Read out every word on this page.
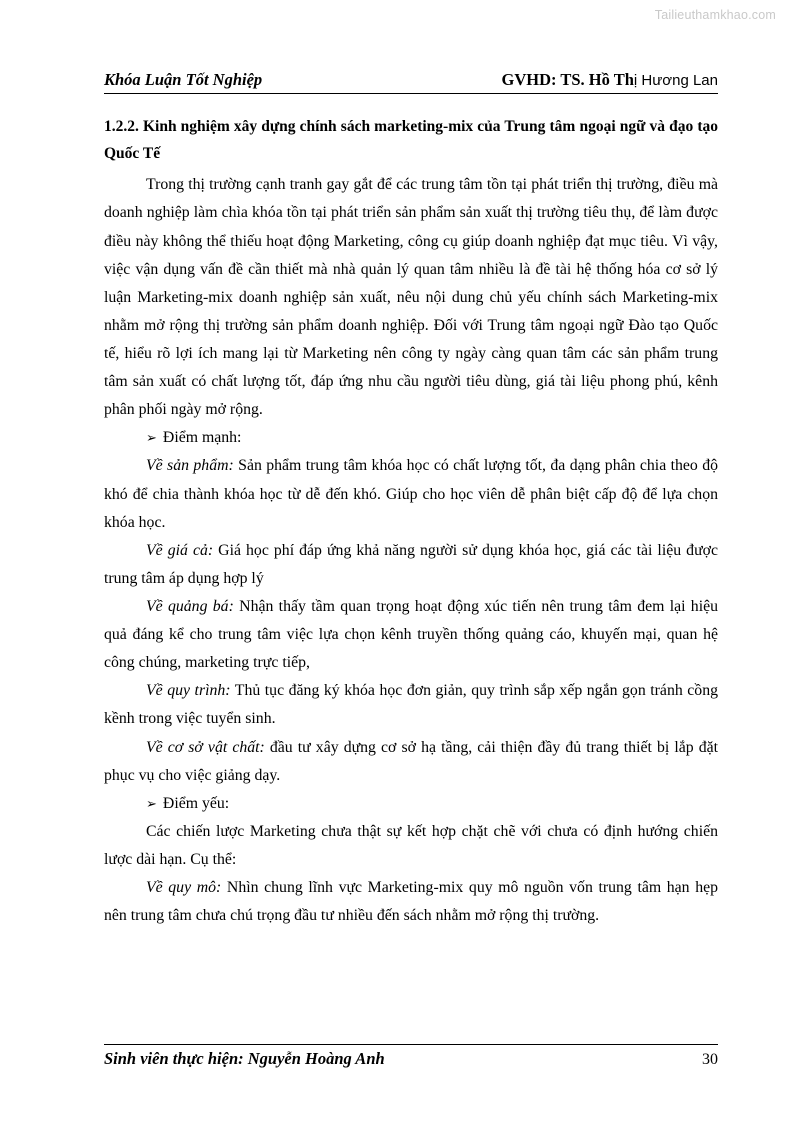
Tailieuthamkhao.com
Khóa Luận Tốt Nghiệp	GVHD: TS. Hồ Thị Hương Lan
1.2.2. Kinh nghiệm xây dựng chính sách marketing-mix của Trung tâm ngoại ngữ và đạo tạo Quốc Tế

Trong thị trường cạnh tranh gay gắt để các trung tâm tồn tại phát triển thị trường, điều mà doanh nghiệp làm chìa khóa tồn tại phát triển sản phẩm sản xuất thị trường tiêu thụ, để làm được điều này không thể thiếu hoạt động Marketing, công cụ giúp doanh nghiệp đạt mục tiêu. Vì vậy, việc vận dụng vấn đề cần thiết mà nhà quản lý quan tâm nhiều là đề tài hệ thống hóa cơ sở lý luận Marketing-mix doanh nghiệp sản xuất, nêu nội dung chủ yếu chính sách Marketing-mix nhằm mở rộng thị trường sản phẩm doanh nghiệp. Đối với Trung tâm ngoại ngữ Đào tạo Quốc tế, hiểu rõ lợi ích mang lại từ Marketing nên công ty ngày càng quan tâm các sản phẩm trung tâm sản xuất có chất lượng tốt, đáp ứng nhu cầu người tiêu dùng, giá tài liệu phong phú, kênh phân phối ngày mở rộng.

➢ Điểm mạnh:

Về sản phẩm: Sản phẩm trung tâm khóa học có chất lượng tốt, đa dạng phân chia theo độ khó để chia thành khóa học từ dễ đến khó. Giúp cho học viên dễ phân biệt cấp độ để lựa chọn khóa học.

Về giá cả: Giá học phí đáp ứng khả năng người sử dụng khóa học, giá các tài liệu được trung tâm áp dụng hợp lý

Về quảng bá: Nhận thấy tầm quan trọng hoạt động xúc tiến nên trung tâm đem lại hiệu quả đáng kể cho trung tâm việc lựa chọn kênh truyền thống quảng cáo, khuyến mại, quan hệ công chúng, marketing trực tiếp,

Về quy trình: Thủ tục đăng ký khóa học đơn giản, quy trình sắp xếp ngắn gọn tránh cồng kềnh trong việc tuyển sinh.

Về cơ sở vật chất: đầu tư xây dựng cơ sở hạ tầng, cải thiện đầy đủ trang thiết bị lắp đặt phục vụ cho việc giảng dạy.

➢ Điểm yếu:

Các chiến lược Marketing chưa thật sự kết hợp chặt chẽ với chưa có định hướng chiến lược dài hạn. Cụ thể:

Về quy mô: Nhìn chung lĩnh vực Marketing-mix quy mô nguồn vốn trung tâm hạn hẹp nên trung tâm chưa chú trọng đầu tư nhiều đến sách nhằm mở rộng thị trường.

Sinh viên thực hiện: Nguyễn Hoàng Anh	30
